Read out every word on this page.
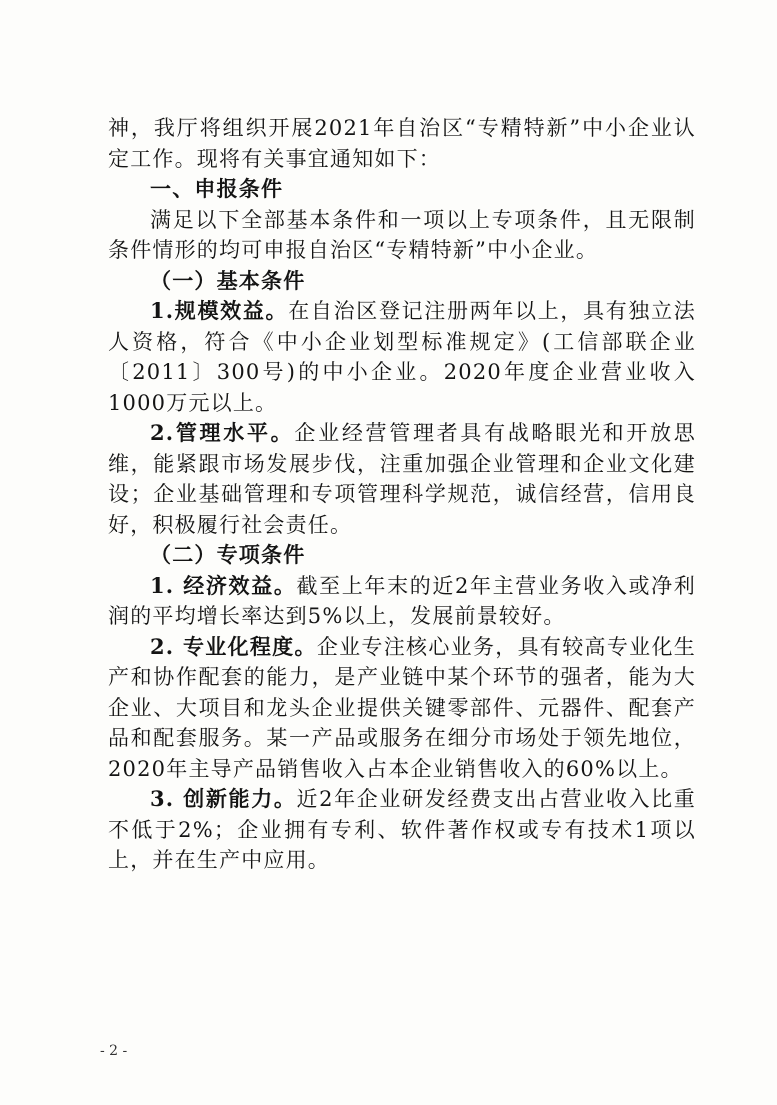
神，我厅将组织开展2021年自治区“专精特新”中小企业认定工作。现将有关事宜通知如下：

一、申报条件

满足以下全部基本条件和一项以上专项条件，且无限制条件情形的均可申报自治区“专精特新”中小企业。

（一）基本条件

1.规模效益。在自治区登记注册两年以上，具有独立法人资格，符合《中小企业划型标准规定》(工信部联企业〔2011〕300号)的中小企业。2020年度企业营业收入1000万元以上。

2.管理水平。企业经营管理者具有战略眼光和开放思维，能紧跟市场发展步伐，注重加强企业管理和企业文化建设；企业基础管理和专项管理科学规范，诚信经营，信用良好，积极履行社会责任。

（二）专项条件

1. 经济效益。截至上年末的近2年主营业务收入或净利润的平均增长率达到5%以上，发展前景较好。

2. 专业化程度。企业专注核心业务，具有较高专业化生产和协作配套的能力，是产业链中某个环节的强者，能为大企业、大项目和龙头企业提供关键零部件、元器件、配套产品和配套服务。某一产品或服务在细分市场处于领先地位，2020年主导产品销售收入占本企业销售收入的60%以上。

3. 创新能力。近2年企业研发经费支出占营业收入比重不低于2%；企业拥有专利、软件著作权或专有技术1项以上，并在生产中应用。

- 2 -
